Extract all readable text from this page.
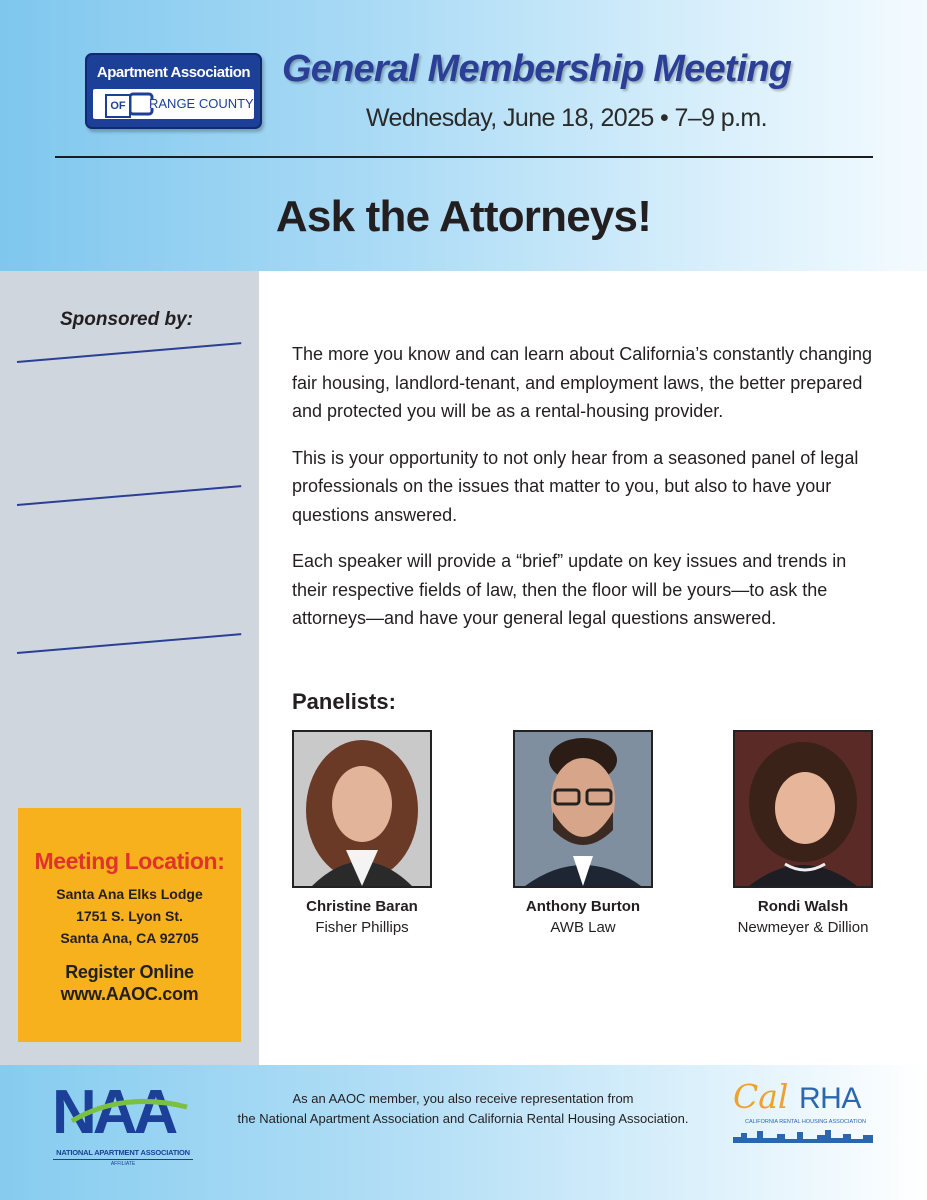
Apartment Association
OF	RANGE COUNTY
General Membership Meeting
Wednesday, June 18, 2025 • 7–9 p.m.
Ask the Attorneys!
Sponsored by:
Meeting Location:
Santa Ana Elks Lodge
1751 S. Lyon St.
Santa Ana, CA 92705
Register Online
www.AAOC.com

The more you know and can learn about California’s constantly changing fair housing, landlord-tenant, and employment laws, the better prepared and protected you will be as a rental-housing provider.

This is your opportunity to not only hear from a seasoned panel of legal professionals on the issues that matter to you, but also to have your questions answered.

Each speaker will provide a “brief” update on key issues and trends in their respective fields of law, then the floor will be yours—to ask the attorneys—and have your general legal questions answered.

Panelists:
Christine Baran
Fisher Phillips
Anthony Burton
AWB Law
Rondi Walsh
Newmeyer & Dillion
NAA
NATIONAL APARTMENT ASSOCIATION
AFFILIATE
As an AAOC member, you also receive representation from
the National Apartment Association and California Rental Housing Association.
Cal RHA
CALIFORNIA RENTAL HOUSING ASSOCIATION
